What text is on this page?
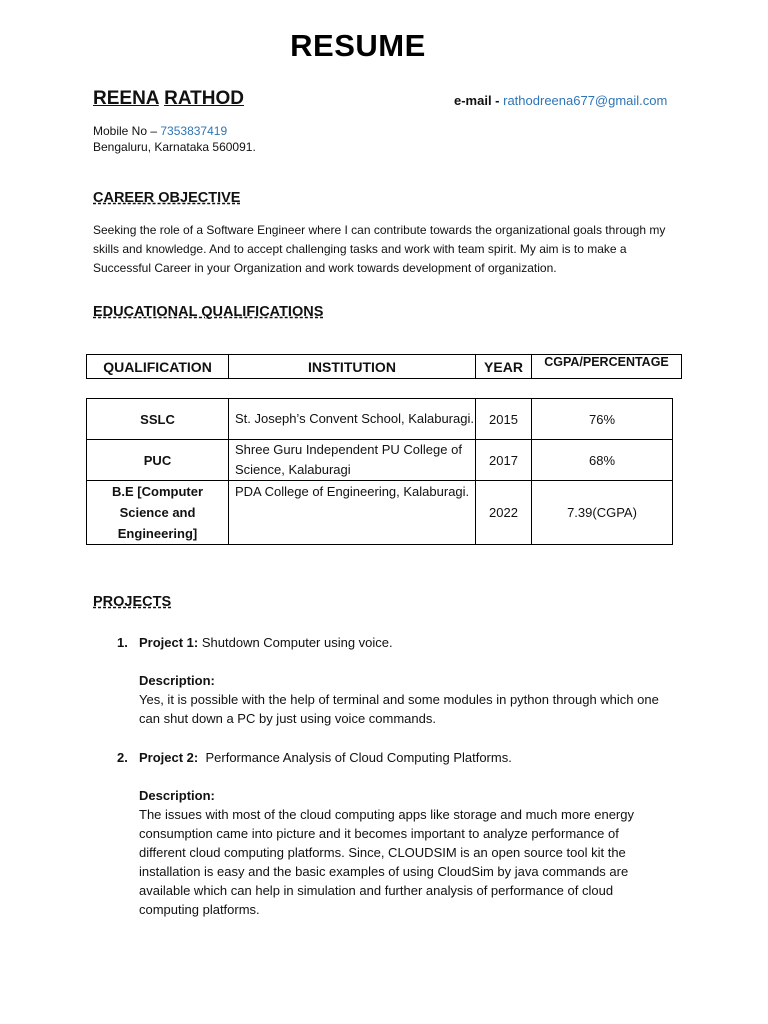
RESUME
REENA RATHOD	e-mail - rathodreena677@gmail.com
Mobile No – 7353837419
Bengaluru, Karnataka 560091.
CAREER OBJECTIVE
Seeking the role of a Software Engineer where I can contribute towards the organizational goals through my skills and knowledge. And to accept challenging tasks and work with team spirit. My aim is to make a Successful Career in your Organization and work towards development of organization.
EDUCATIONAL QUALIFICATIONS
QUALIFICATION	INSTITUTION	YEAR	CGPA/PERCENTAGE
SSLC	St. Joseph’s Convent School, Kalaburagi.	2015	76%
PUC	Shree Guru Independent PU College of Science, Kalaburagi	2017	68%
B.E [Computer Science and Engineering]	PDA College of Engineering, Kalaburagi.	2022	7.39(CGPA)
PROJECTS
1. Project 1: Shutdown Computer using voice.
Description:
Yes, it is possible with the help of terminal and some modules in python through which one can shut down a PC by just using voice commands.
2. Project 2:  Performance Analysis of Cloud Computing Platforms.
Description:
The issues with most of the cloud computing apps like storage and much more energy consumption came into picture and it becomes important to analyze performance of different cloud computing platforms. Since, CLOUDSIM is an open source tool kit the installation is easy and the basic examples of using CloudSim by java commands are available which can help in simulation and further analysis of performance of cloud computing platforms.
